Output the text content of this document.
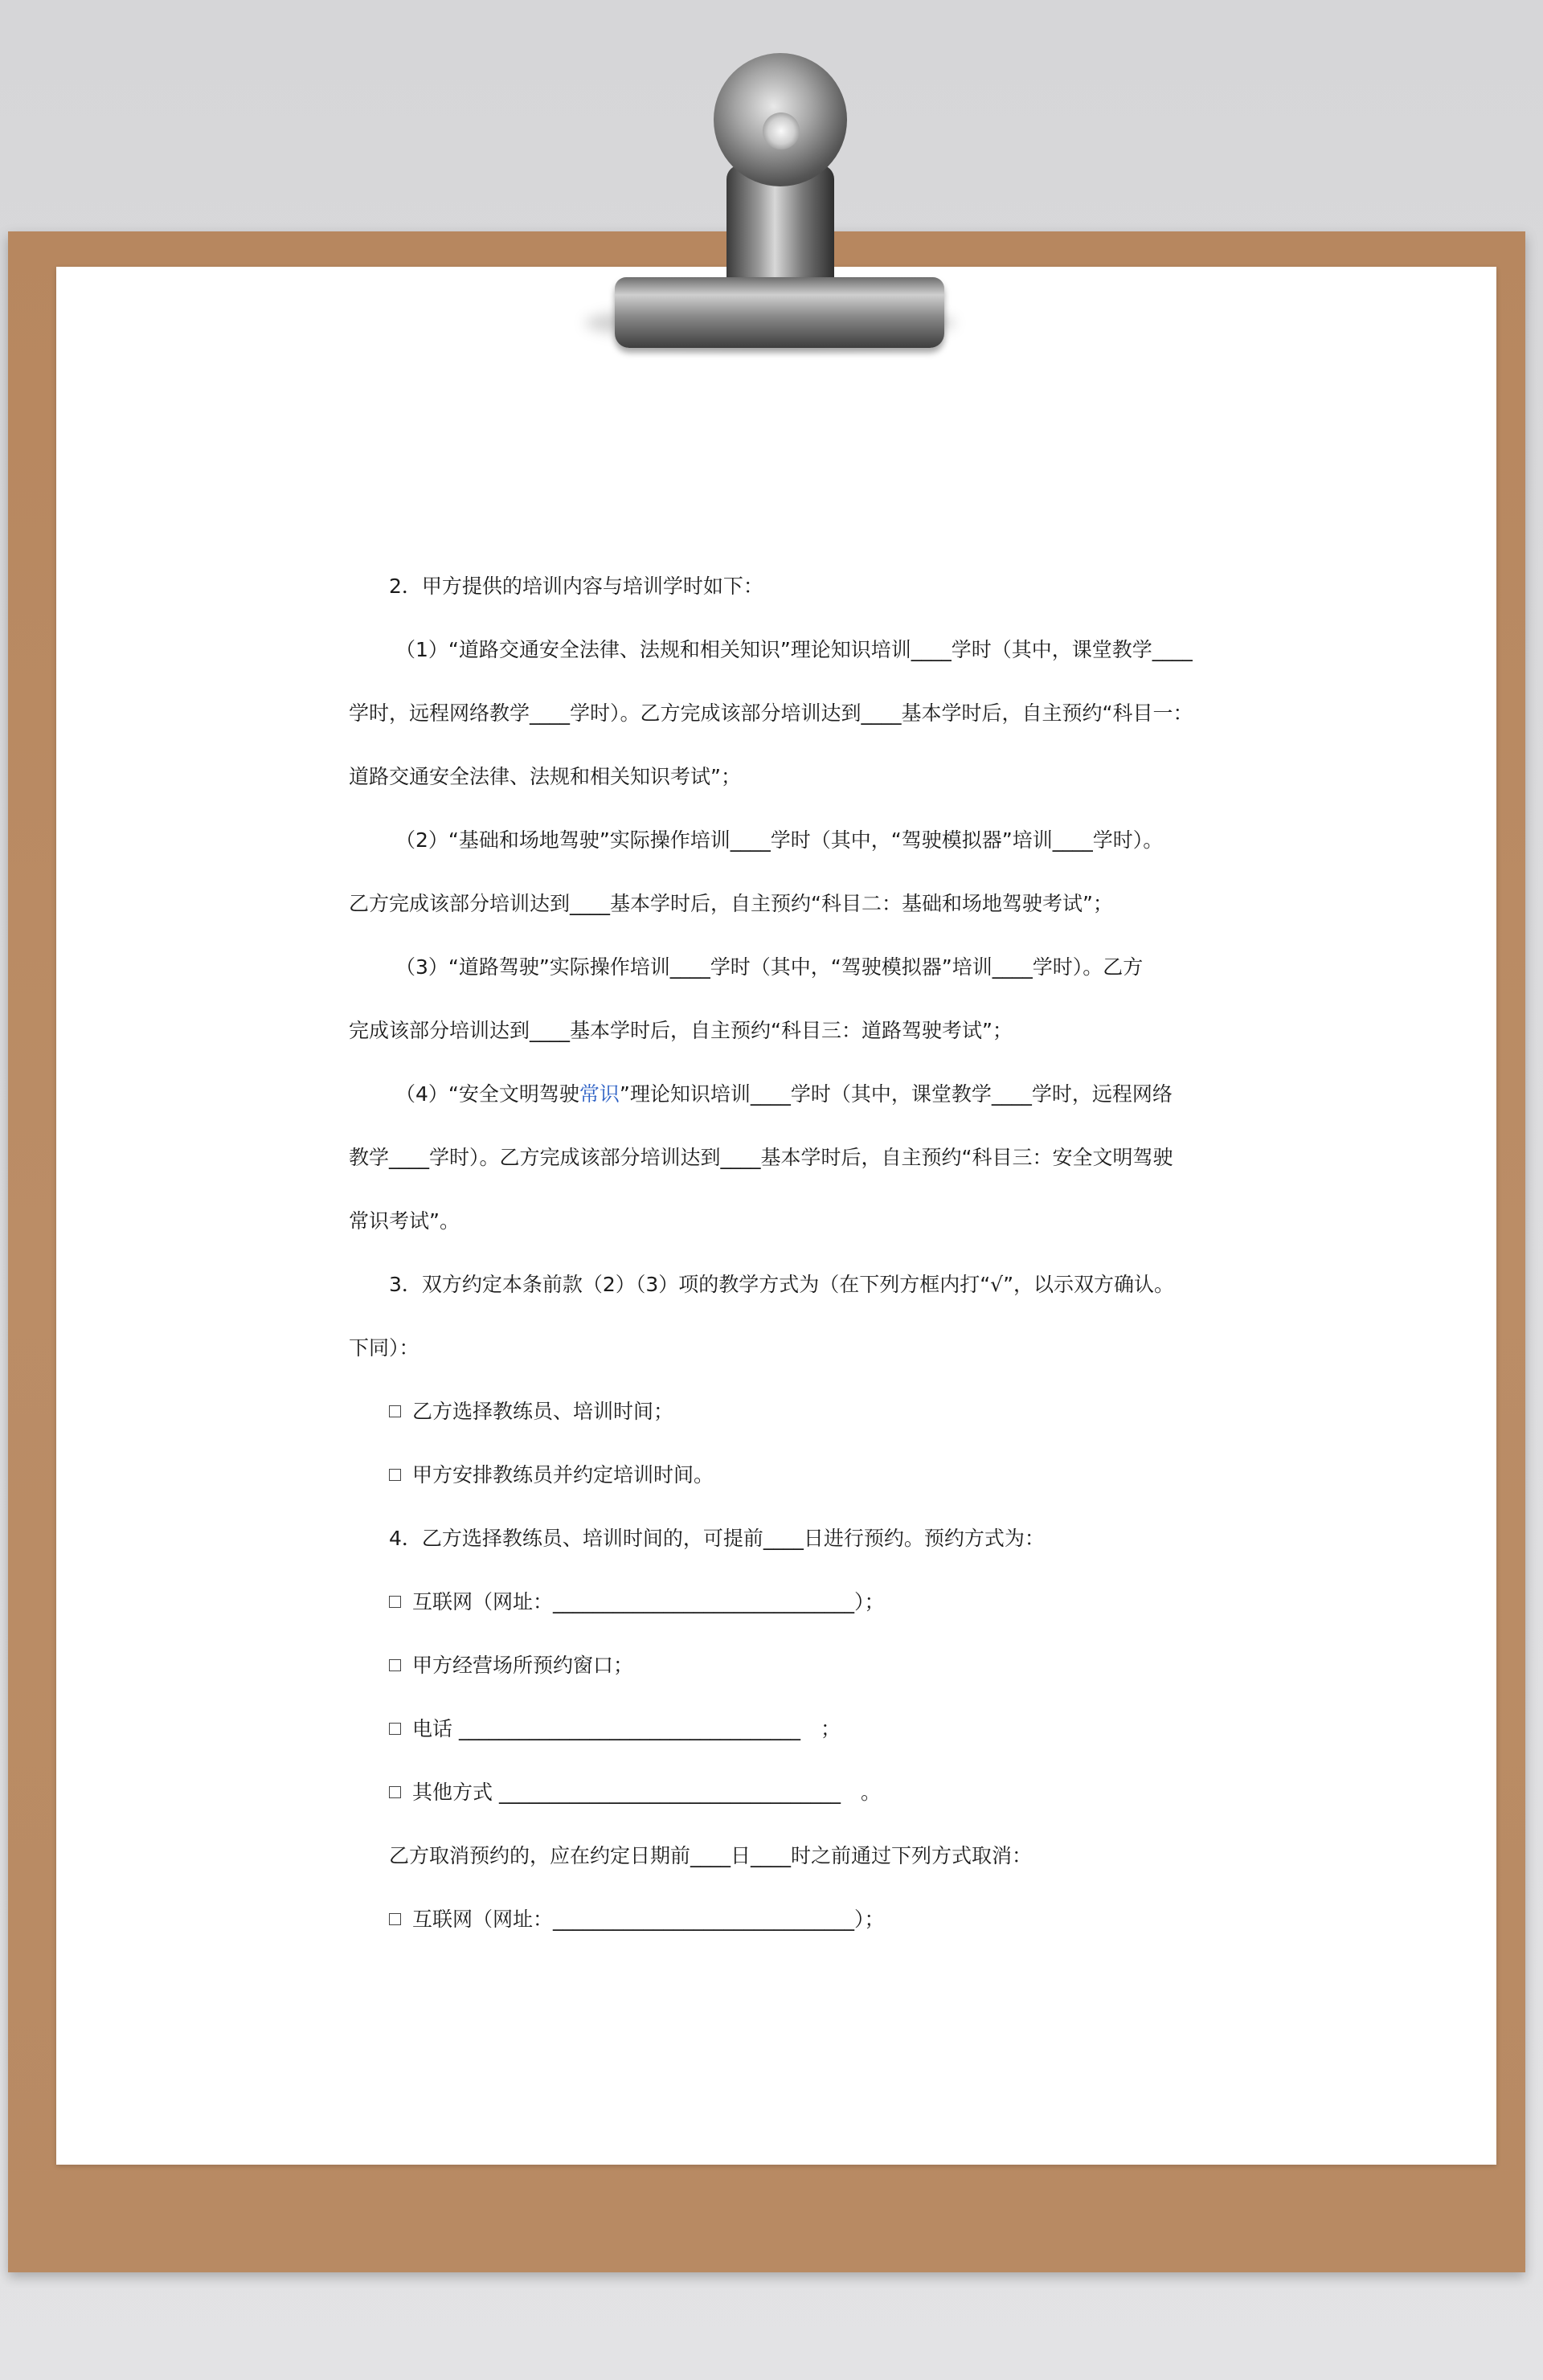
2．甲方提供的培训内容与培训学时如下：
（1）“道路交通安全法律、法规和相关知识”理论知识培训____学时（其中，课堂教学____
学时，远程网络教学____学时）。乙方完成该部分培训达到____基本学时后，自主预约“科目一：
道路交通安全法律、法规和相关知识考试”；
（2）“基础和场地驾驶”实际操作培训____学时（其中，“驾驶模拟器”培训____学时）。
乙方完成该部分培训达到____基本学时后，自主预约“科目二：基础和场地驾驶考试”；
（3）“道路驾驶”实际操作培训____学时（其中，“驾驶模拟器”培训____学时）。乙方
完成该部分培训达到____基本学时后，自主预约“科目三：道路驾驶考试”；
（4）“安全文明驾驶常识”理论知识培训____学时（其中，课堂教学____学时，远程网络
教学____学时）。乙方完成该部分培训达到____基本学时后，自主预约“科目三：安全文明驾驶
常识考试”。
3．双方约定本条前款（2）（3）项的教学方式为（在下列方框内打“√”，以示双方确认。
下同）：
乙方选择教练员、培训时间；
甲方安排教练员并约定培训时间。
4．乙方选择教练员、培训时间的，可提前____日进行预约。预约方式为：
互联网（网址：______________________________）；
甲方经营场所预约窗口；
电话 __________________________________　；
其他方式 __________________________________　。
乙方取消预约的，应在约定日期前____日____时之前通过下列方式取消：
互联网（网址：______________________________）；
